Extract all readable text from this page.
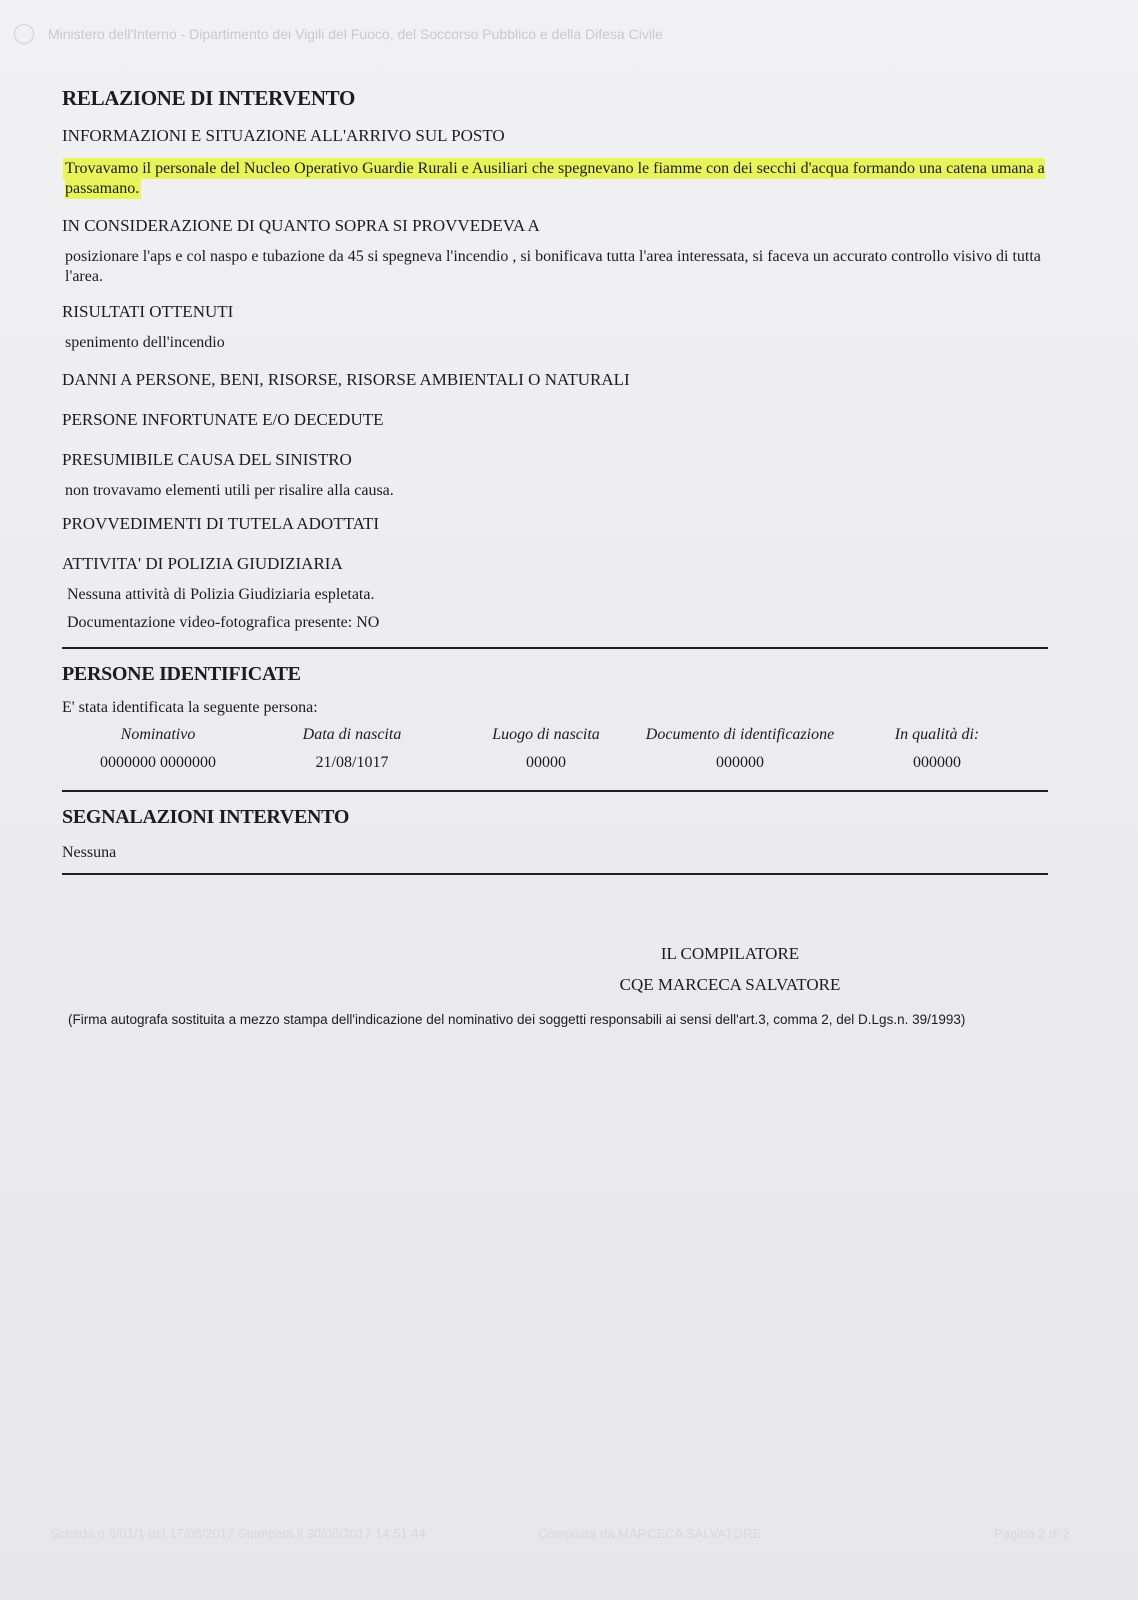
Ministero dell'Interno - Dipartimento dei Vigili del Fuoco, del Soccorso Pubblico e della Difesa Civile
RELAZIONE DI INTERVENTO

INFORMAZIONI E SITUAZIONE ALL'ARRIVO SUL POSTO

Trovavamo il personale del Nucleo Operativo Guardie Rurali e Ausiliari che spegnevano le fiamme con dei secchi d'acqua formando una catena umana a passamano.

IN CONSIDERAZIONE DI QUANTO SOPRA SI PROVVEDEVA A

posizionare l'aps e col naspo e tubazione da 45 si spegneva l'incendio , si bonificava tutta l'area interessata, si faceva un accurato controllo visivo di tutta l'area.

RISULTATI OTTENUTI

spenimento dell'incendio

DANNI A PERSONE, BENI, RISORSE, RISORSE AMBIENTALI O NATURALI

PERSONE INFORTUNATE E/O DECEDUTE

PRESUMIBILE CAUSA DEL SINISTRO

non trovavamo elementi utili per risalire alla causa.

PROVVEDIMENTI DI TUTELA ADOTTATI

ATTIVITA' DI POLIZIA GIUDIZIARIA

Nessuna attività di Polizia Giudiziaria espletata.

Documentazione video-fotografica presente: NO

PERSONE IDENTIFICATE

E' stata identificata la seguente persona:

Nominativo	Data di nascita	Luogo di nascita	Documento di identificazione	In qualità di:
0000000 0000000	21/08/1017	00000	000000	000000

SEGNALAZIONI INTERVENTO

Nessuna

IL COMPILATORE
CQE MARCECA SALVATORE
(Firma autografa sostituita a mezzo stampa dell'indicazione del nominativo dei soggetti responsabili ai sensi dell'art.3, comma 2, del D.Lgs.n. 39/1993)
Scheda n 6/01/1 del 17/08/2017 Stampata il 30/08/2017 14:51:44	Compilata da MARCECA SALVATORE	Pagina 2 di 2
